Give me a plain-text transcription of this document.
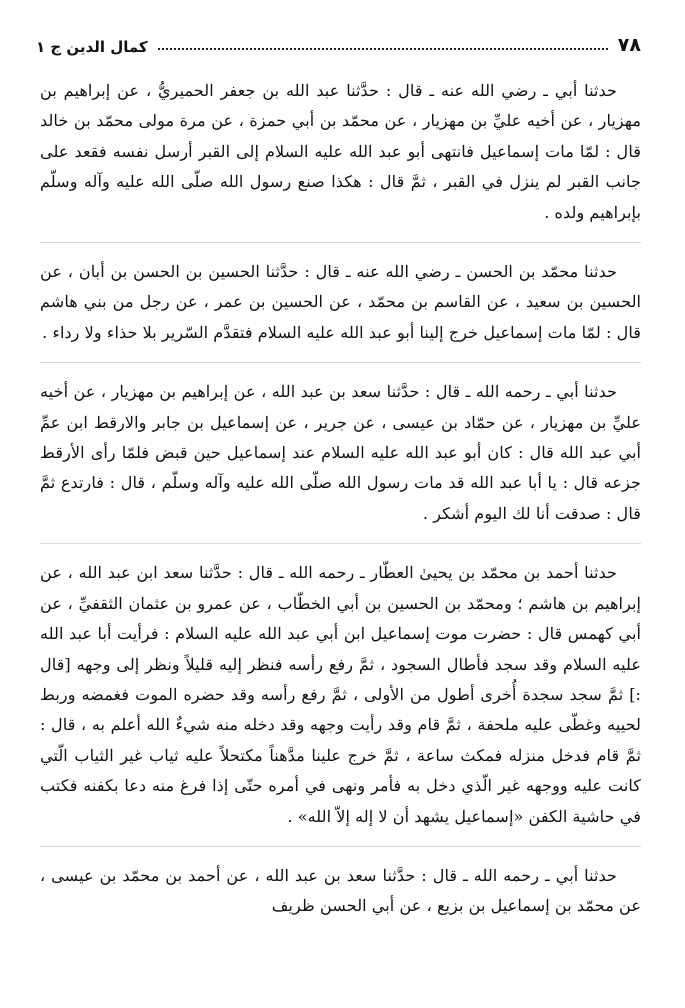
٧٨
كمال الدين ج ١

حدثنا أبي ـ رضي الله عنه ـ قال : حدَّثنا عبد الله بن جعفر الحميريُّ ، عن إبراهيم بن مهزيار ، عن أخيه عليِّ بن مهزيار ، عن محمّد بن أبي حمزة ، عن مرة مولى محمّد بن خالد قال : لمّا مات إسماعيل فانتهى أبو عبد الله عليه السلام إلى القبر أرسل نفسه فقعد على جانب القبر لم ينزل في القبر ، ثمَّ قال : هكذا صنع رسول الله صلّى الله عليه وآله وسلّم بإبراهيم ولده .

حدثنا محمّد بن الحسن ـ رضي الله عنه ـ قال : حدَّثنا الحسين بن الحسن بن أبان ، عن الحسين بن سعيد ، عن القاسم بن محمّد ، عن الحسين بن عمر ، عن رجل من بني هاشم قال : لمّا مات إسماعيل خرج إلينا أبو عبد الله عليه السلام فتقدَّم السّرير بلا حذاء ولا رداء .

حدثنا أبي ـ رحمه الله ـ قال : حدَّثنا سعد بن عبد الله ، عن إبراهيم بن مهزيار ، عن أخيه عليِّ بن مهزيار ، عن حمّاد بن عيسى ، عن جرير ، عن إسماعيل بن جابر والارقط ابن عمِّ أبي عبد الله قال : كان أبو عبد الله عليه السلام عند إسماعيل حين قبض فلمّا رأى الأرقط جزعه قال : يا أبا عبد الله قد مات رسول الله صلّى الله عليه وآله وسلّم ، قال : فارتدع ثمَّ قال : صدقت أنا لك اليوم أشكر .

حدثنا أحمد بن محمّد بن يحيىٰ العطّار ـ رحمه الله ـ قال : حدَّثنا سعد ابن عبد الله ، عن إبراهيم بن هاشم ؛ ومحمّد بن الحسين بن أبي الخطّاب ، عن عمرو بن عثمان الثقفيِّ ، عن أبي كهمس قال : حضرت موت إسماعيل ابن أبي عبد الله عليه السلام : فرأيت أبا عبد الله عليه السلام وقد سجد فأطال السجود ، ثمَّ رفع رأسه فنظر إليه قليلاً ونظر إلى وجهه [قال :] ثمَّ سجد سجدة أُخرى أطول من الأولى ، ثمَّ رفع رأسه وقد حضره الموت فغمضه وربط لحييه وغطّى عليه ملحفة ، ثمَّ قام وقد رأيت وجهه وقد دخله منه شيءٌ الله أعلم به ، قال : ثمَّ قام فدخل منزله فمكث ساعة ، ثمَّ خرج علينا مدَّهناً مكتحلاً عليه ثياب غير الثياب الّتي كانت عليه ووجهه غير الّذي دخل به فأمر ونهى في أمره حتّى إذا فرغ منه دعا بكفنه فكتب في حاشية الكفن «إسماعيل يشهد أن لا إله إلاّ الله» .

حدثنا أبي ـ رحمه الله ـ قال : حدَّثنا سعد بن عبد الله ، عن أحمد بن محمّد بن عيسى ، عن محمّد بن إسماعيل بن بزيع ، عن أبي الحسن ظريف
